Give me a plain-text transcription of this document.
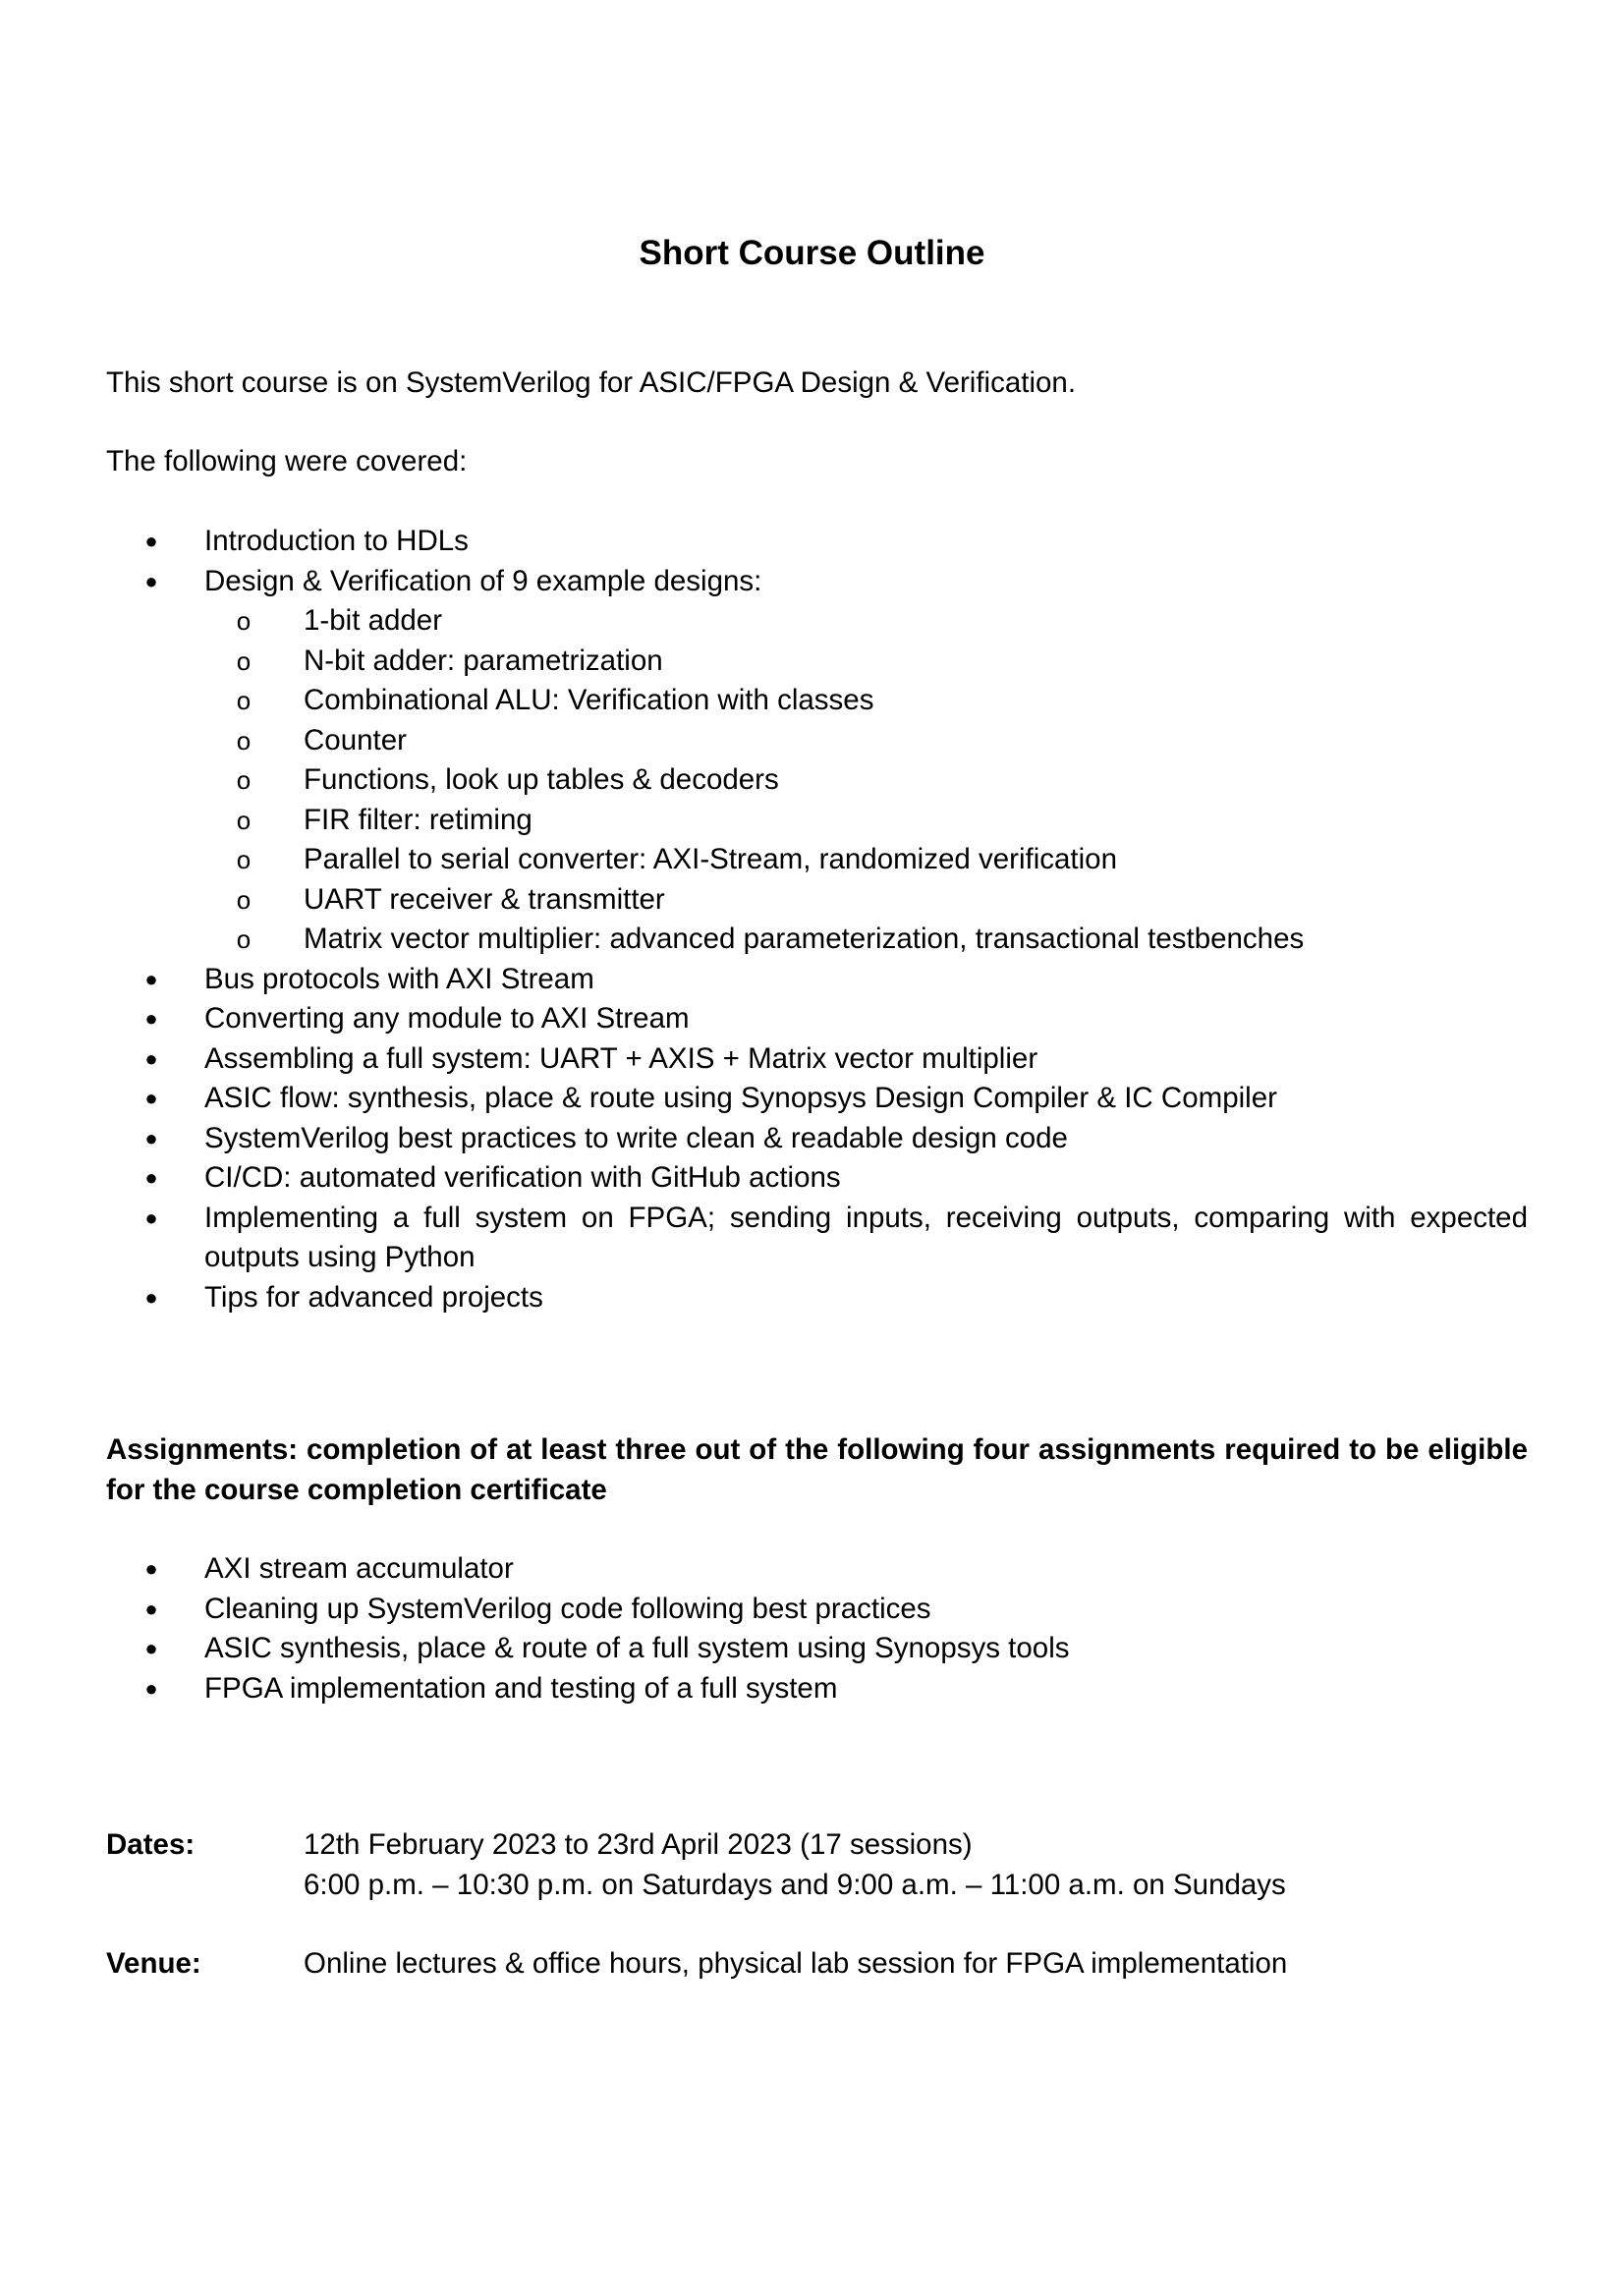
Short Course Outline
This short course is on SystemVerilog for ASIC/FPGA Design & Verification.
The following were covered:
●	Introduction to HDLs
●	Design & Verification of 9 example designs:
o	1-bit adder
o	N-bit adder: parametrization
o	Combinational ALU: Verification with classes
o	Counter
o	Functions, look up tables & decoders
o	FIR filter: retiming
o	Parallel to serial converter: AXI-Stream, randomized verification
o	UART receiver & transmitter
o	Matrix vector multiplier: advanced parameterization, transactional testbenches
●	Bus protocols with AXI Stream
●	Converting any module to AXI Stream
●	Assembling a full system: UART + AXIS + Matrix vector multiplier
●	ASIC flow: synthesis, place & route using Synopsys Design Compiler & IC Compiler
●	SystemVerilog best practices to write clean & readable design code
●	CI/CD: automated verification with GitHub actions
●	Implementing a full system on FPGA; sending inputs, receiving outputs, comparing with expected outputs using Python
●	Tips for advanced projects
Assignments: completion of at least three out of the following four assignments required to be eligible for the course completion certificate
●	AXI stream accumulator
●	Cleaning up SystemVerilog code following best practices
●	ASIC synthesis, place & route of a full system using Synopsys tools
●	FPGA implementation and testing of a full system
Dates:	12th February 2023 to 23rd April 2023 (17 sessions)
6:00 p.m. – 10:30 p.m. on Saturdays and 9:00 a.m. – 11:00 a.m. on Sundays
Venue:	Online lectures & office hours, physical lab session for FPGA implementation
